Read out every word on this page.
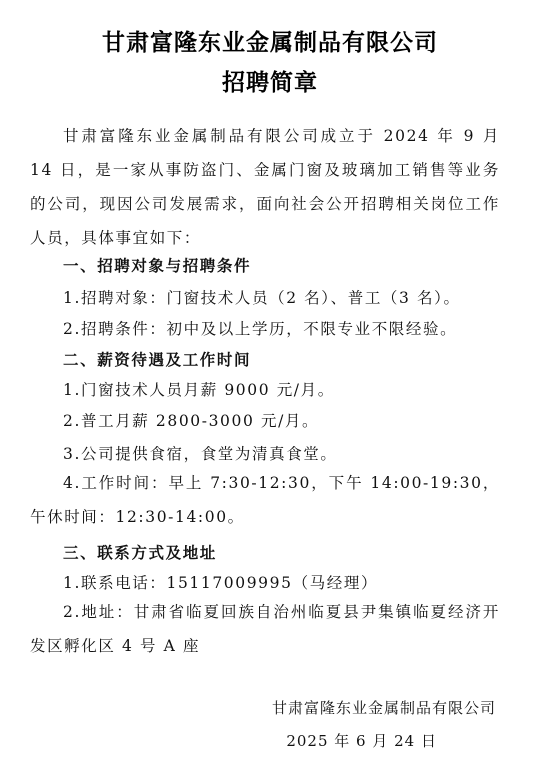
甘肃富隆东业金属制品有限公司
招聘简章

甘肃富隆东业金属制品有限公司成立于 2024 年 9 月 14 日，是一家从事防盗门、金属门窗及玻璃加工销售等业务的公司，现因公司发展需求，面向社会公开招聘相关岗位工作人员，具体事宜如下：

一、招聘对象与招聘条件
1.招聘对象：门窗技术人员（2 名）、普工（3 名）。
2.招聘条件：初中及以上学历，不限专业不限经验。
二、薪资待遇及工作时间
1.门窗技术人员月薪 9000 元/月。
2.普工月薪 2800-3000 元/月。
3.公司提供食宿，食堂为清真食堂。

4.工作时间：早上 7:30-12:30，下午 14:00-19:30，午休时间：12:30-14:00。

三、联系方式及地址
1.联系电话：15117009995（马经理）

2.地址：甘肃省临夏回族自治州临夏县尹集镇临夏经济开发区孵化区 4 号 A 座

甘肃富隆东业金属制品有限公司
2025 年 6 月 24 日
